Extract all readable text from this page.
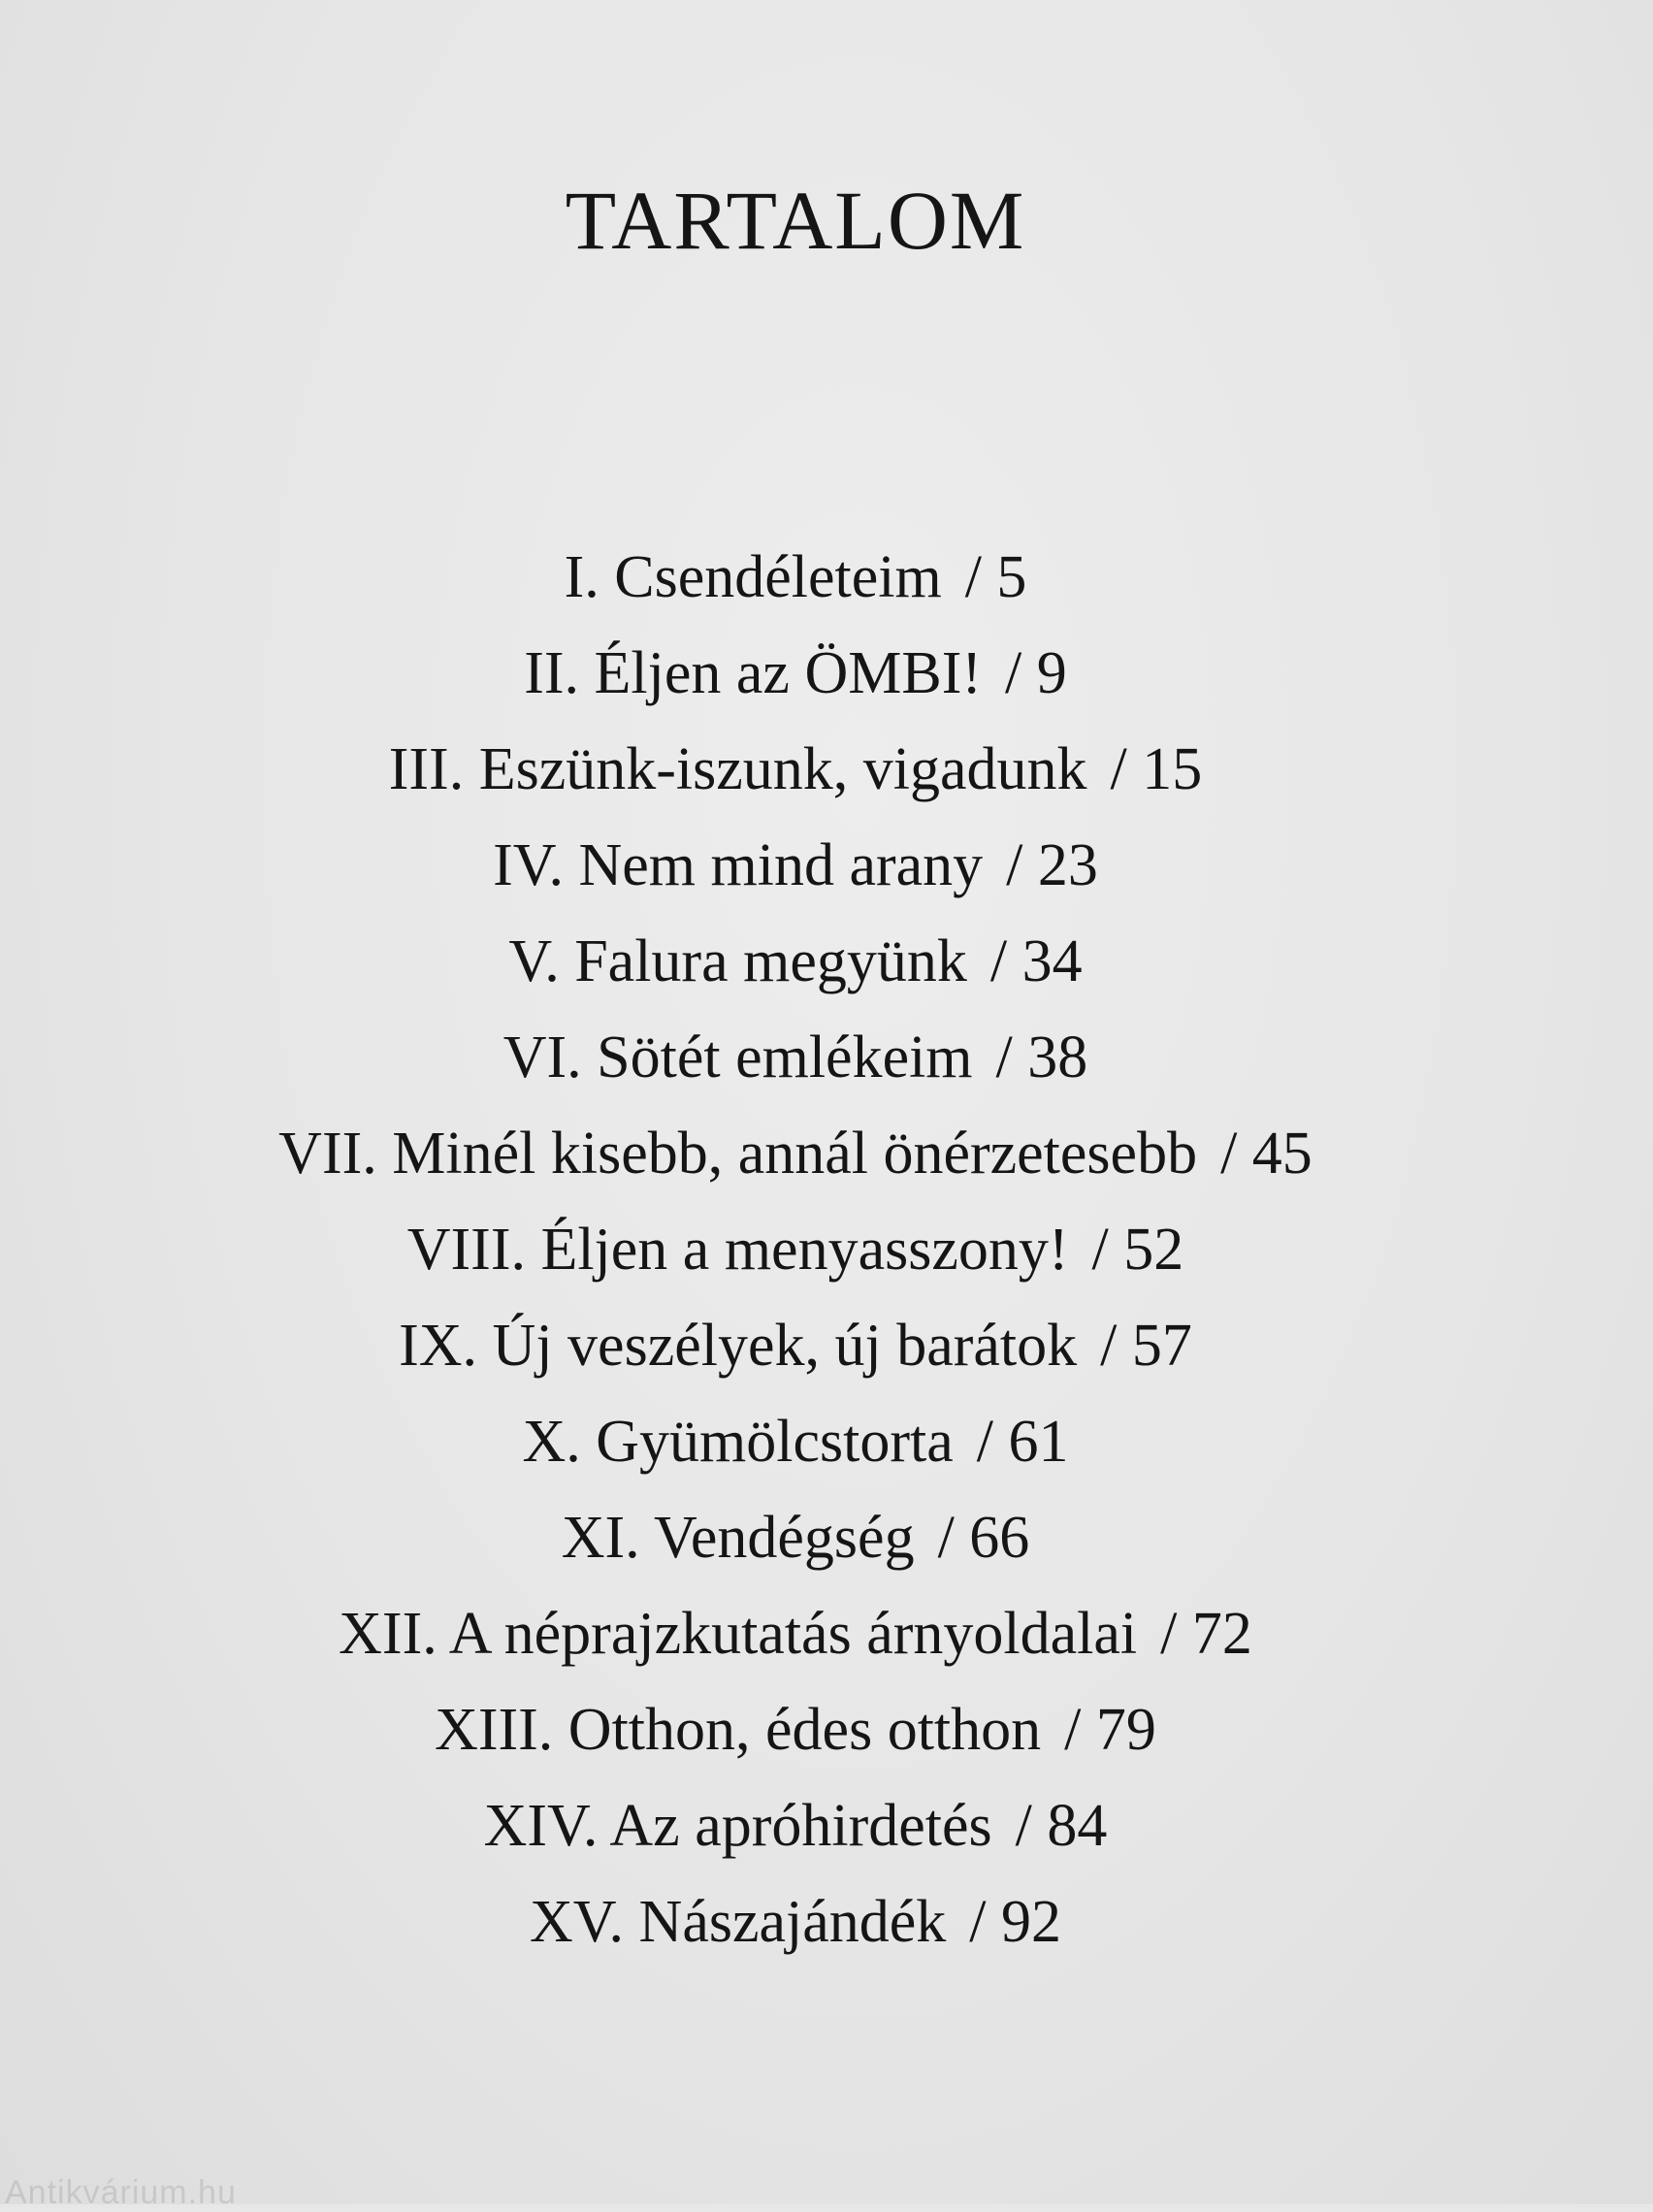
TARTALOM
I. Csendéleteim / 5
II. Éljen az ÖMBI! / 9
III. Eszünk-iszunk, vigadunk / 15
IV. Nem mind arany / 23
V. Falura megyünk / 34
VI. Sötét emlékeim / 38
VII. Minél kisebb, annál önérzetesebb / 45
VIII. Éljen a menyasszony! / 52
IX. Új veszélyek, új barátok / 57
X. Gyümölcstorta / 61
XI. Vendégség / 66
XII. A néprajzkutatás árnyoldalai / 72
XIII. Otthon, édes otthon / 79
XIV. Az apróhirdetés / 84
XV. Nászajándék / 92
Antikvárium.hu
